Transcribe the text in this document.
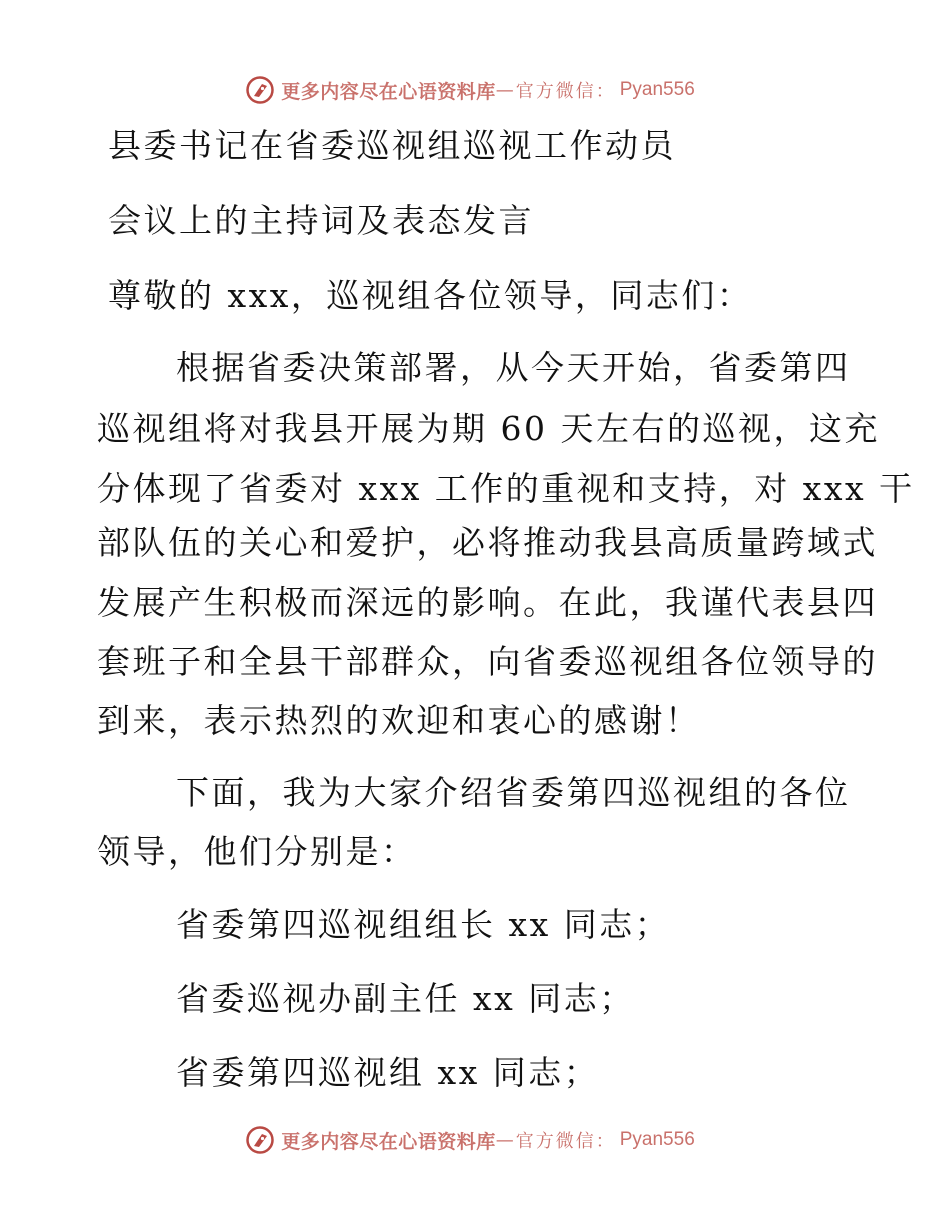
更多内容尽在心语资料库 — 官方微信： Pyan556
县委书记在省委巡视组巡视工作动员
会议上的主持词及表态发言
尊敬的 xxx，巡视组各位领导，同志们：
根据省委决策部署，从今天开始，省委第四
巡视组将对我县开展为期 60 天左右的巡视，这充
分体现了省委对 xxx 工作的重视和支持，对 xxx 干
部队伍的关心和爱护，必将推动我县高质量跨域式
发展产生积极而深远的影响。在此，我谨代表县四
套班子和全县干部群众，向省委巡视组各位领导的
到来，表示热烈的欢迎和衷心的感谢！
下面，我为大家介绍省委第四巡视组的各位
领导，他们分别是：
省委第四巡视组组长 xx 同志；
省委巡视办副主任 xx 同志；
省委第四巡视组 xx 同志；
更多内容尽在心语资料库 — 官方微信： Pyan556
